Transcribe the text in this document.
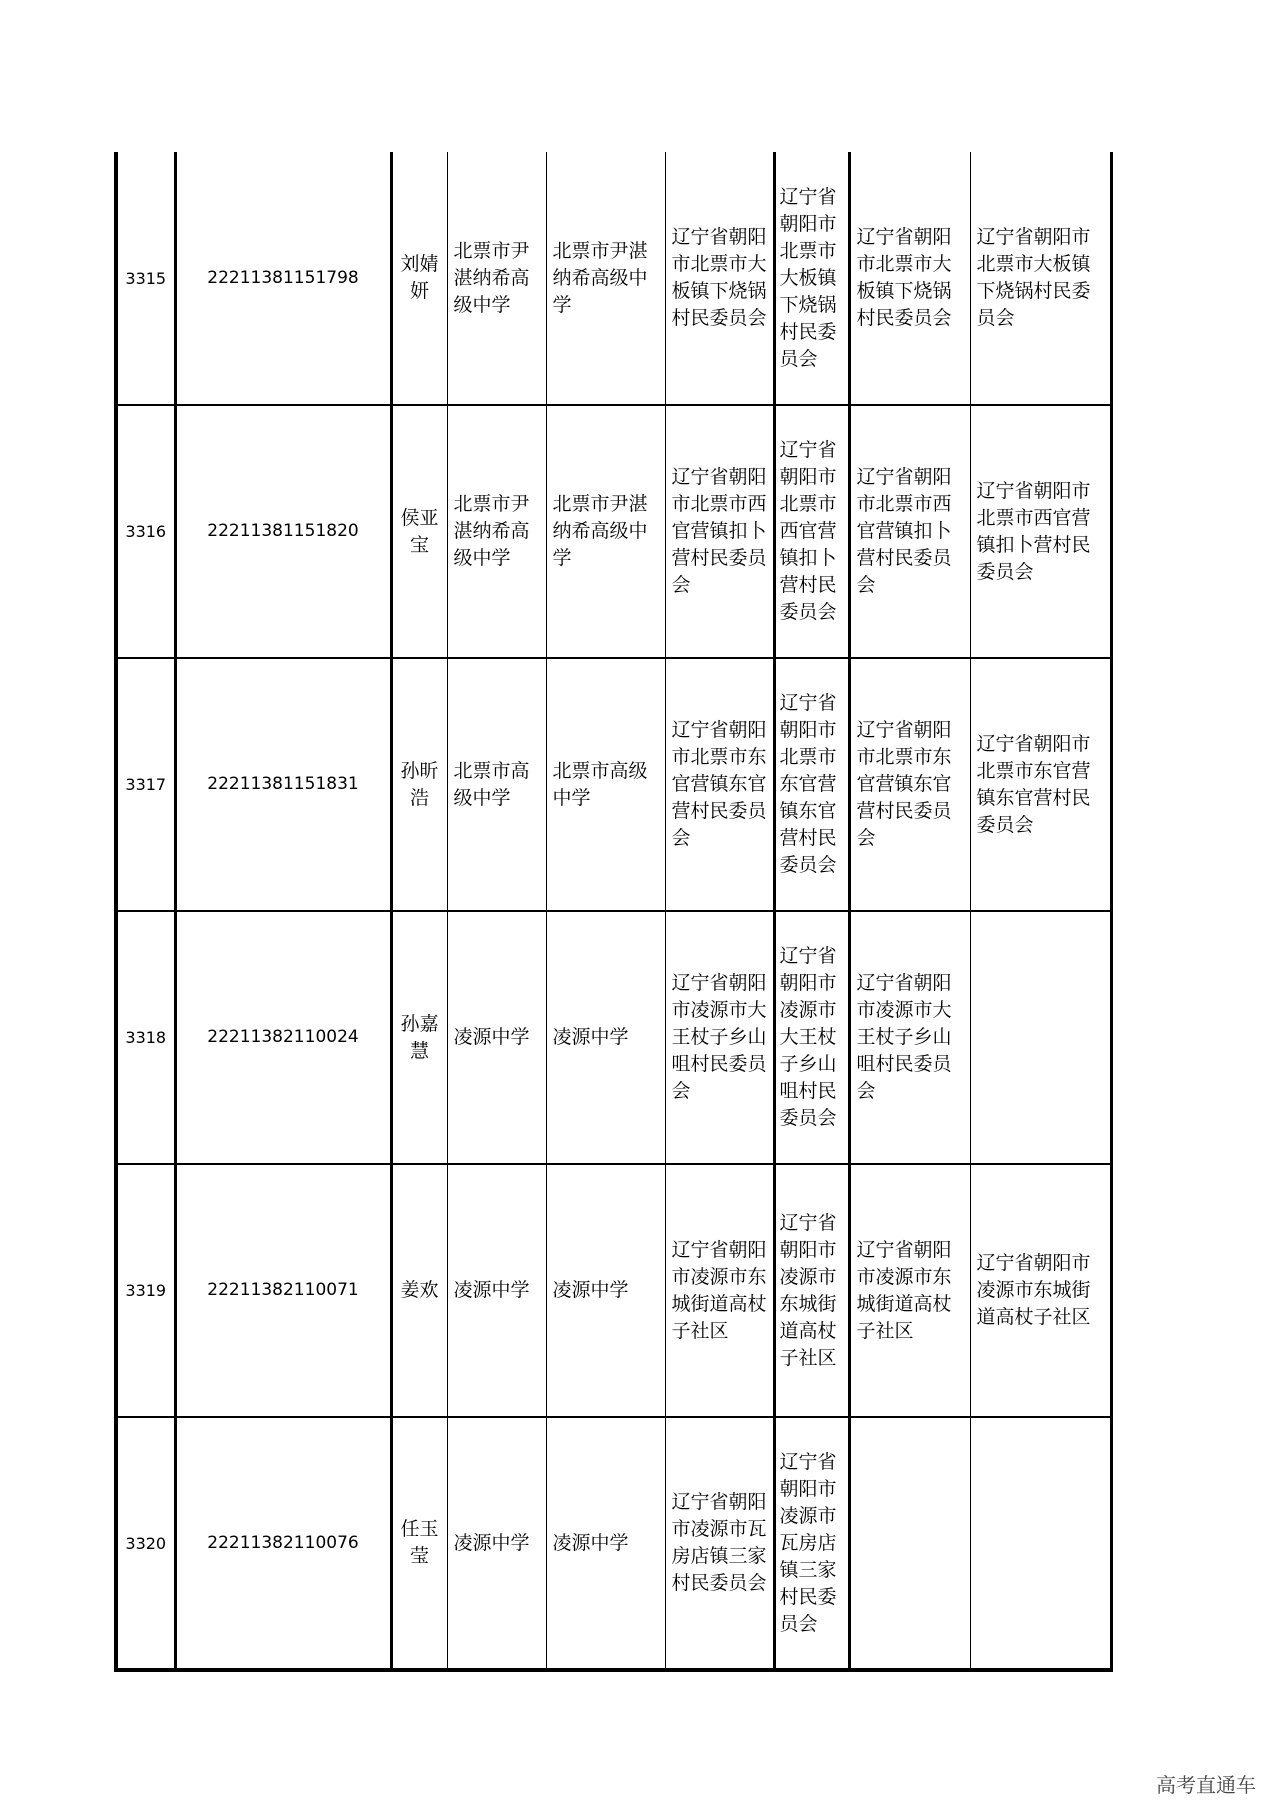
3315	22211381151798	刘婧妍	北票市尹湛纳希高级中学	北票市尹湛纳希高级中学	辽宁省朝阳市北票市大板镇下烧锅村民委员会	辽宁省朝阳市北票市大板镇下烧锅村民委员会	辽宁省朝阳市北票市大板镇下烧锅村民委员会	辽宁省朝阳市北票市大板镇下烧锅村民委员会
3316	22211381151820	侯亚宝	北票市尹湛纳希高级中学	北票市尹湛纳希高级中学	辽宁省朝阳市北票市西官营镇扣卜营村民委员会	辽宁省朝阳市北票市西官营镇扣卜营村民委员会	辽宁省朝阳市北票市西官营镇扣卜营村民委员会	辽宁省朝阳市北票市西官营镇扣卜营村民委员会
3317	22211381151831	孙昕浩	北票市高级中学	北票市高级中学	辽宁省朝阳市北票市东官营镇东官营村民委员会	辽宁省朝阳市北票市东官营镇东官营村民委员会	辽宁省朝阳市北票市东官营镇东官营村民委员会	辽宁省朝阳市北票市东官营镇东官营村民委员会
3318	22211382110024	孙嘉慧	凌源中学	凌源中学	辽宁省朝阳市凌源市大王杖子乡山咀村民委员会	辽宁省朝阳市凌源市大王杖子乡山咀村民委员会	辽宁省朝阳市凌源市大王杖子乡山咀村民委员会	
3319	22211382110071	姜欢	凌源中学	凌源中学	辽宁省朝阳市凌源市东城街道高杖子社区	辽宁省朝阳市凌源市东城街道高杖子社区	辽宁省朝阳市凌源市东城街道高杖子社区	辽宁省朝阳市凌源市东城街道高杖子社区
3320	22211382110076	任玉莹	凌源中学	凌源中学	辽宁省朝阳市凌源市瓦房店镇三家村民委员会	辽宁省朝阳市凌源市瓦房店镇三家村民委员会		
高考直通车
